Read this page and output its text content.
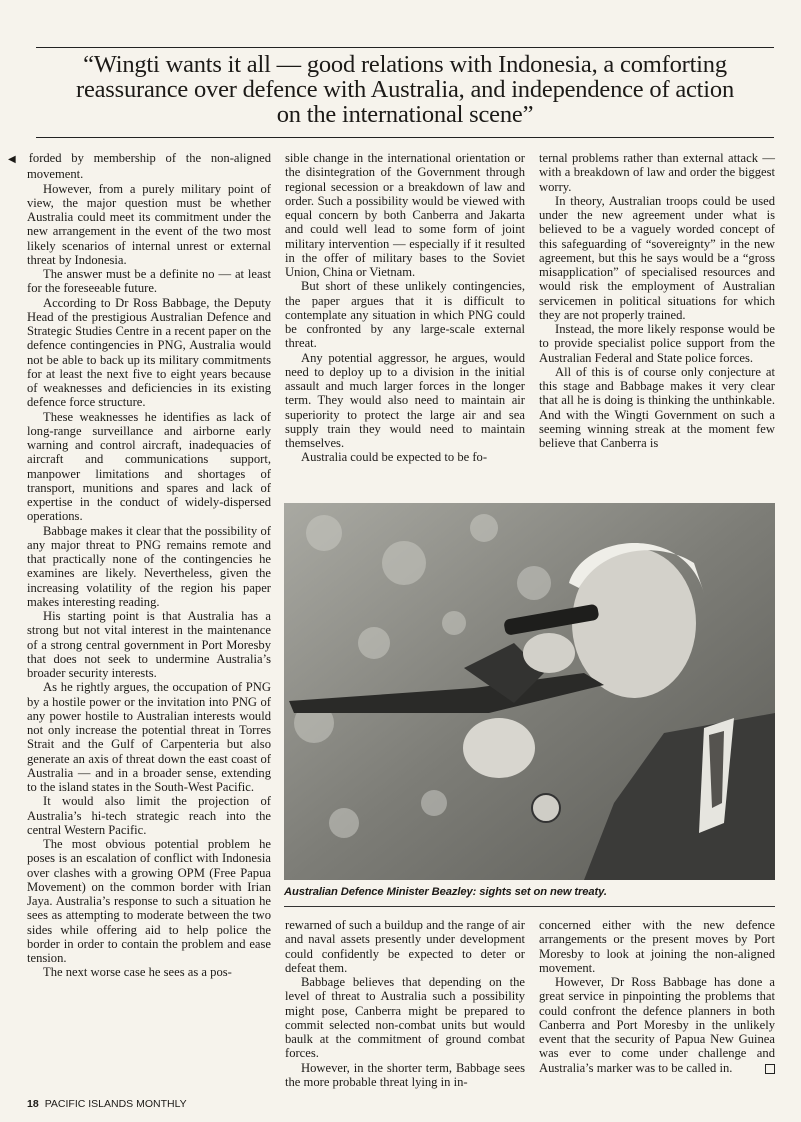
“Wingti wants it all — good relations with Indonesia, a comforting
reassurance over defence with Australia, and independence of action
on the international scene”

◀ forded by membership of the non-aligned movement.

However, from a purely military point of view, the major question must be whether Australia could meet its commitment under the new arrangement in the event of the two most likely scenarios of internal unrest or external threat by Indonesia.

The answer must be a definite no — at least for the foreseeable future.

According to Dr Ross Babbage, the Deputy Head of the prestigious Australian Defence and Strategic Studies Centre in a recent paper on the defence contingencies in PNG, Australia would not be able to back up its military commitments for at least the next five to eight years because of weaknesses and deficiencies in its existing defence force structure.

These weaknesses he identifies as lack of long-range surveillance and airborne early warning and control aircraft, inadequacies of aircraft and communications support, manpower limitations and shortages of transport, munitions and spares and lack of expertise in the conduct of widely-dispersed operations.

Babbage makes it clear that the possibility of any major threat to PNG remains remote and that practically none of the contingencies he examines are likely. Nevertheless, given the increasing volatility of the region his paper makes interesting reading.

His starting point is that Australia has a strong but not vital interest in the maintenance of a strong central government in Port Moresby that does not seek to undermine Australia’s broader security interests.

As he rightly argues, the occupation of PNG by a hostile power or the invitation into PNG of any power hostile to Australian interests would not only increase the potential threat in Torres Strait and the Gulf of Carpenteria but also generate an axis of threat down the east coast of Australia — and in a broader sense, extending to the island states in the South-West Pacific.

It would also limit the projection of Australia’s hi-tech strategic reach into the central Western Pacific.

The most obvious potential problem he poses is an escalation of conflict with Indonesia over clashes with a growing OPM (Free Papua Movement) on the common border with Irian Jaya. Australia’s response to such a situation he sees as attempting to moderate between the two sides while offering aid to help police the border in order to contain the problem and ease tension.

The next worse case he sees as a pos-

sible change in the international orientation or the disintegration of the Government through regional secession or a breakdown of law and order. Such a possibility would be viewed with equal concern by both Canberra and Jakarta and could well lead to some form of joint military intervention — especially if it resulted in the offer of military bases to the Soviet Union, China or Vietnam.

But short of these unlikely contingencies, the paper argues that it is difficult to contemplate any situation in which PNG could be confronted by any large-scale external threat.

Any potential aggressor, he argues, would need to deploy up to a division in the initial assault and much larger forces in the longer term. They would also need to maintain air superiority to protect the large air and sea supply train they would need to maintain themselves.

Australia could be expected to be fo-

ternal problems rather than external attack — with a breakdown of law and order the biggest worry.

In theory, Australian troops could be used under the new agreement under what is believed to be a vaguely worded concept of this safeguarding of “sovereignty” in the new agreement, but this he says would be a “gross misapplication” of specialised resources and would risk the employment of Australian servicemen in political situations for which they are not properly trained.

Instead, the more likely response would be to provide specialist police support from the Australian Federal and State police forces.

All of this is of course only conjecture at this stage and Babbage makes it very clear that all he is doing is thinking the unthinkable. And with the Wingti Government on such a seeming winning streak at the moment few believe that Canberra is

Australian Defence Minister Beazley: sights set on new treaty.

rewarned of such a buildup and the range of air and naval assets presently under development could confidently be expected to deter or defeat them.

Babbage believes that depending on the level of threat to Australia such a possibility might pose, Canberra might be prepared to commit selected non-combat units but would baulk at the commitment of ground combat forces.

However, in the shorter term, Babbage sees the more probable threat lying in in-

concerned either with the new defence arrangements or the present moves by Port Moresby to look at joining the non-aligned movement.

However, Dr Ross Babbage has done a great service in pinpointing the problems that could confront the defence planners in both Canberra and Port Moresby in the unlikely event that the security of Papua New Guinea was ever to come under challenge and Australia’s marker was to be called in.

18 PACIFIC ISLANDS MONTHLY
